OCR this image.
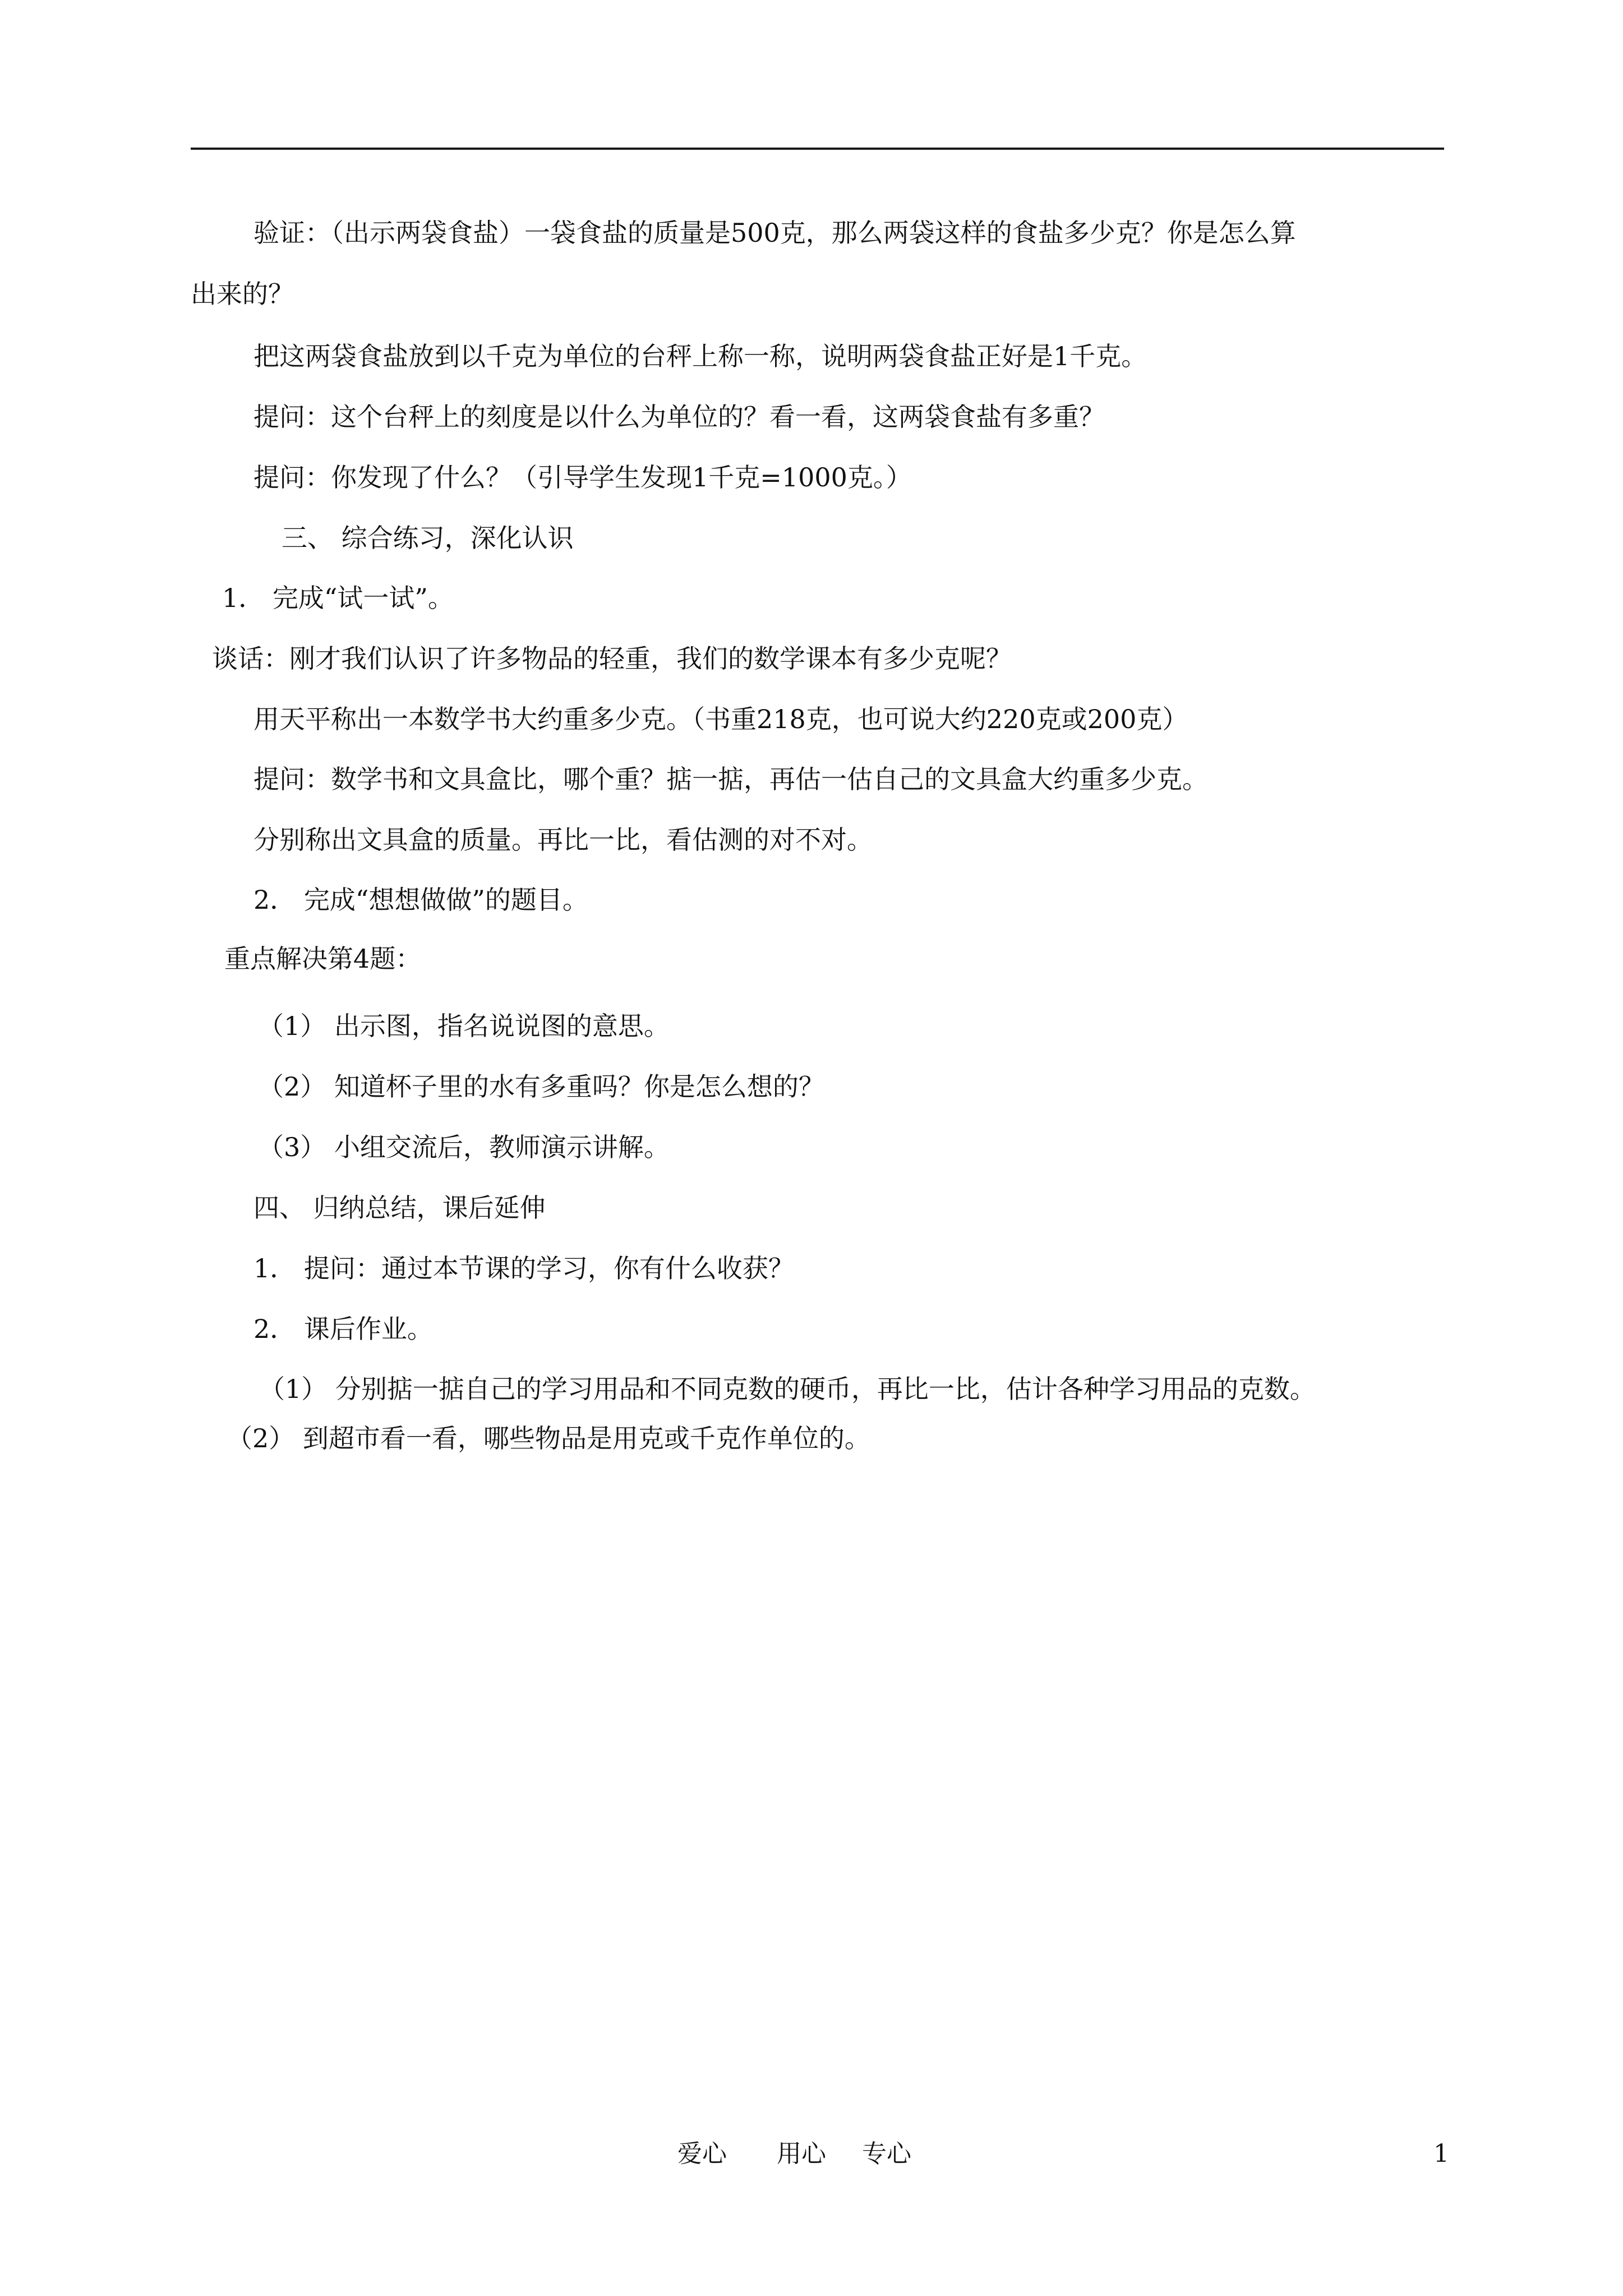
验证：（出示两袋食盐）一袋食盐的质量是500克，那么两袋这样的食盐多少克？你是怎么算

出来的？

把这两袋食盐放到以千克为单位的台秤上称一称，说明两袋食盐正好是1千克。

提问：这个台秤上的刻度是以什么为单位的？看一看，这两袋食盐有多重？

提问：你发现了什么？（引导学生发现1千克=1000克。）

三、 综合练习，深化认识

1． 完成“试一试”。

谈话：刚才我们认识了许多物品的轻重，我们的数学课本有多少克呢？

用天平称出一本数学书大约重多少克。（书重218克，也可说大约220克或200克）

提问：数学书和文具盒比，哪个重？掂一掂，再估一估自己的文具盒大约重多少克。

分别称出文具盒的质量。再比一比，看估测的对不对。

2． 完成“想想做做”的题目。

重点解决第4题：

（1） 出示图，指名说说图的意思。

（2） 知道杯子里的水有多重吗？你是怎么想的？

（3） 小组交流后，教师演示讲解。

四、 归纳总结，课后延伸

1． 提问：通过本节课的学习，你有什么收获？

2． 课后作业。

（1） 分别掂一掂自己的学习用品和不同克数的硬币，再比一比，估计各种学习用品的克数。

（2） 到超市看一看，哪些物品是用克或千克作单位的。

爱心 用心 专心	1
